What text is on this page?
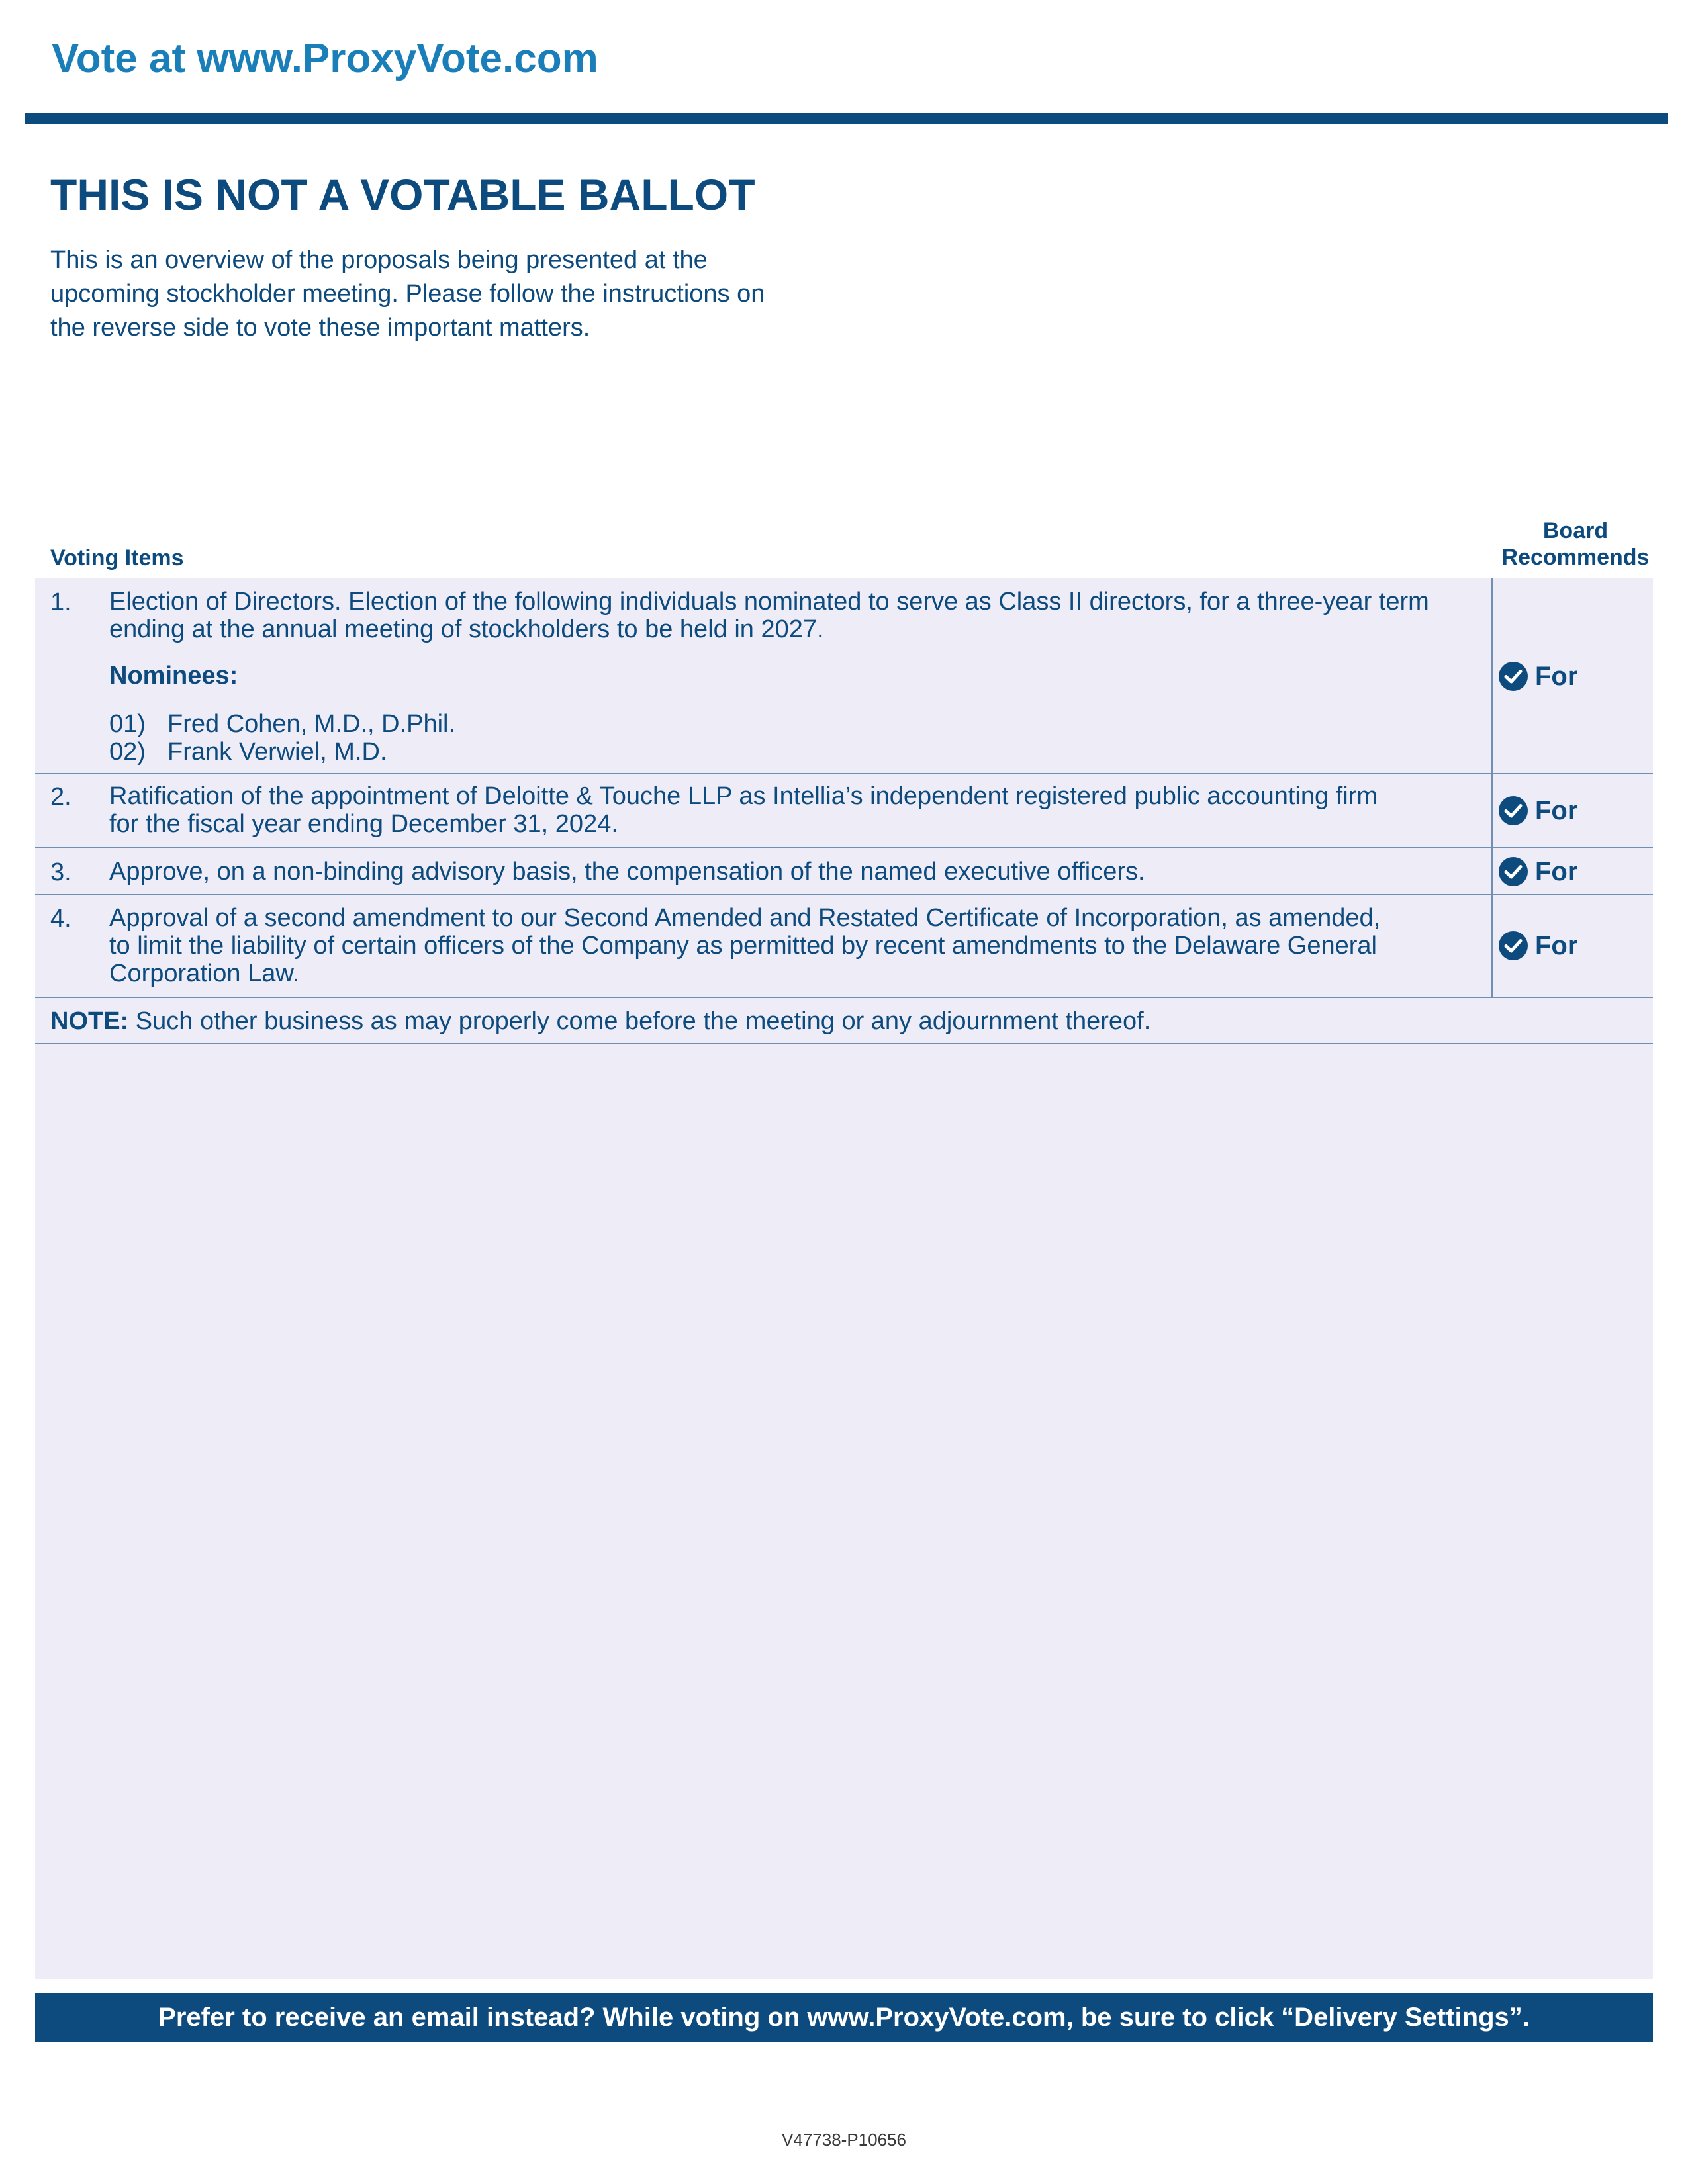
Vote at www.ProxyVote.com
THIS IS NOT A VOTABLE BALLOT
This is an overview of the proposals being presented at the
upcoming stockholder meeting. Please follow the instructions on
the reverse side to vote these important matters.
Voting Items
Board
Recommends
1. Election of Directors. Election of the following individuals nominated to serve as Class II directors, for a three-year term
ending at the annual meeting of stockholders to be held in 2027.
Nominees:
01) Fred Cohen, M.D., D.Phil.
02) Frank Verwiel, M.D.
For
2. Ratification of the appointment of Deloitte & Touche LLP as Intellia’s independent registered public accounting firm
for the fiscal year ending December 31, 2024.	For
3. Approve, on a non-binding advisory basis, the compensation of the named executive officers.	For
4. Approval of a second amendment to our Second Amended and Restated Certificate of Incorporation, as amended,
to limit the liability of certain officers of the Company as permitted by recent amendments to the Delaware General
Corporation Law.
For
NOTE: Such other business as may properly come before the meeting or any adjournment thereof.
Prefer to receive an email instead? While voting on www.ProxyVote.com, be sure to click “Delivery Settings”.
V47738-P10656
